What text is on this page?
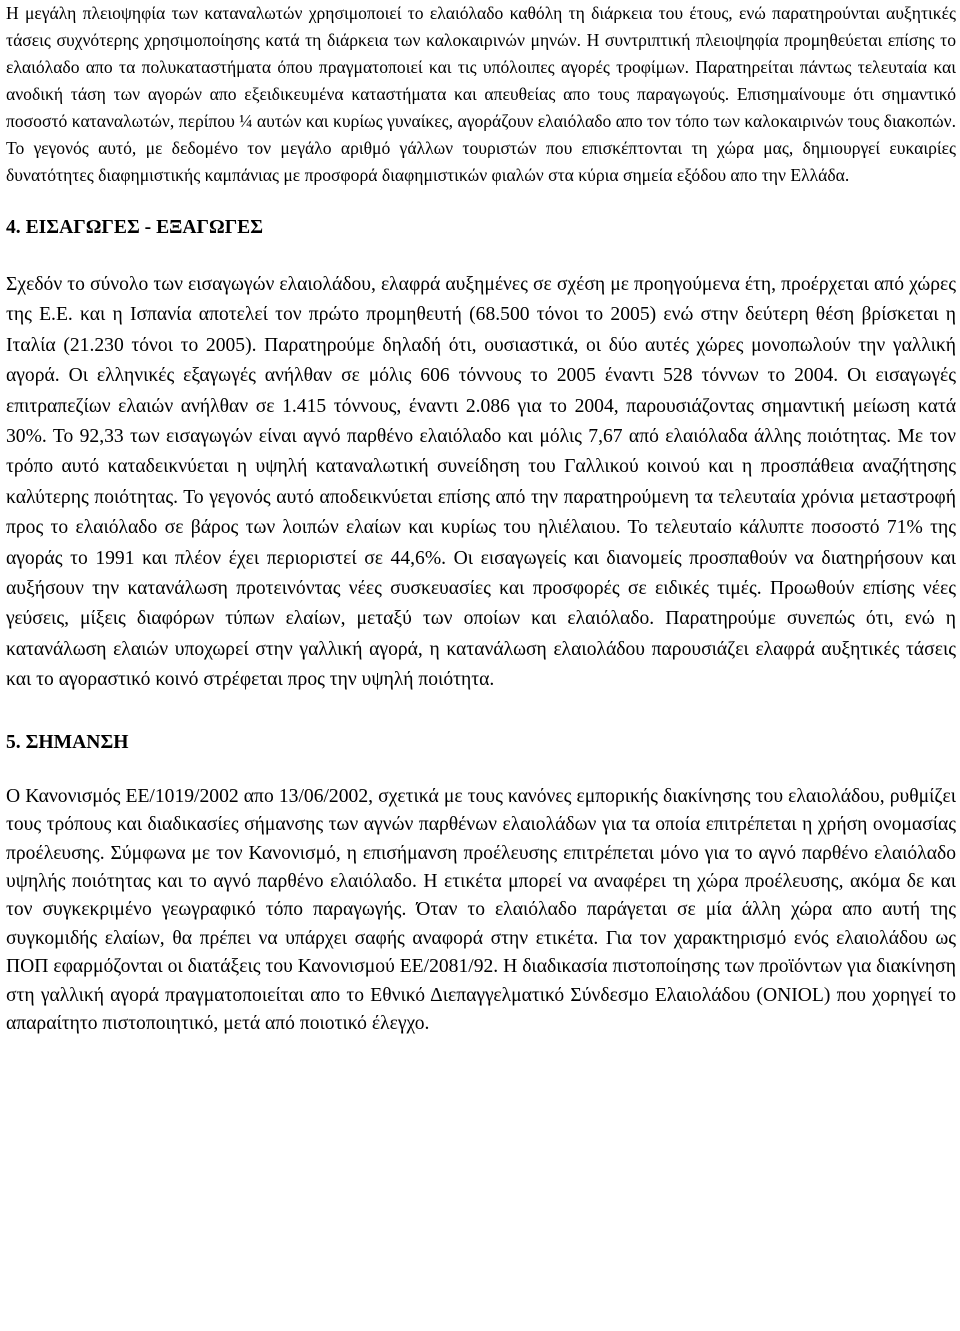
Η μεγάλη πλειοψηφία των καταναλωτών χρησιμοποιεί το ελαιόλαδο καθόλη τη διάρκεια του έτους, ενώ παρατηρούνται αυξητικές τάσεις συχνότερης χρησιμοποίησης κατά τη διάρκεια των καλοκαιρινών μηνών. Η συντριπτική πλειοψηφία προμηθεύεται επίσης το ελαιόλαδο απο τα πολυκαταστήματα όπου πραγματοποιεί και τις υπόλοιπες αγορές τροφίμων. Παρατηρείται πάντως τελευταία και ανοδική τάση των αγορών απο εξειδικευμένα καταστήματα και απευθείας απο τους παραγωγούς. Επισημαίνουμε ότι σημαντικό ποσοστό καταναλωτών, περίπου ¼ αυτών και κυρίως γυναίκες, αγοράζουν ελαιόλαδο απο τον τόπο των καλοκαιρινών τους διακοπών. Το γεγονός αυτό, με δεδομένο τον μεγάλο αριθμό γάλλων τουριστών που επισκέπτονται τη χώρα μας, δημιουργεί ευκαιρίες δυνατότητες διαφημιστικής καμπάνιας με προσφορά διαφημιστικών φιαλών στα κύρια σημεία εξόδου απο την Ελλάδα.

4. ΕΙΣΑΓΩΓΕΣ - ΕΞΑΓΩΓΕΣ

Σχεδόν το σύνολο των εισαγωγών ελαιολάδου, ελαφρά αυξημένες σε σχέση με προηγούμενα έτη, προέρχεται από χώρες της Ε.Ε. και η Ισπανία αποτελεί τον πρώτο προμηθευτή (68.500 τόνοι το 2005) ενώ στην δεύτερη θέση βρίσκεται η Ιταλία (21.230 τόνοι το 2005). Παρατηρούμε δηλαδή ότι, ουσιαστικά, οι δύο αυτές χώρες μονοπωλούν την γαλλική αγορά. Οι ελληνικές εξαγωγές ανήλθαν σε μόλις 606 τόννους το 2005 έναντι 528 τόννων το 2004. Οι εισαγωγές επιτραπεζίων ελαιών ανήλθαν σε 1.415 τόννους, έναντι 2.086 για το 2004, παρουσιάζοντας σημαντική μείωση κατά 30%. Το 92,33 των εισαγωγών είναι αγνό παρθένο ελαιόλαδο και μόλις 7,67 από ελαιόλαδα άλλης ποιότητας. Με τον τρόπο αυτό καταδεικνύεται η υψηλή καταναλωτική συνείδηση του Γαλλικού κοινού και η προσπάθεια αναζήτησης καλύτερης ποιότητας. Το γεγονός αυτό αποδεικνύεται επίσης από την παρατηρούμενη τα τελευταία χρόνια μεταστροφή προς το ελαιόλαδο σε βάρος των λοιπών ελαίων και κυρίως του ηλιέλαιου. Το τελευταίο κάλυπτε ποσοστό 71% της αγοράς το 1991 και πλέον έχει περιοριστεί σε 44,6%. Οι εισαγωγείς και διανομείς προσπαθούν να διατηρήσουν και αυξήσουν την κατανάλωση προτεινόντας νέες συσκευασίες και προσφορές σε ειδικές τιμές. Προωθούν επίσης νέες γεύσεις, μίξεις διαφόρων τύπων ελαίων, μεταξύ των οποίων και ελαιόλαδο. Παρατηρούμε συνεπώς ότι, ενώ η κατανάλωση ελαιών υποχωρεί στην γαλλική αγορά, η κατανάλωση ελαιολάδου παρουσιάζει ελαφρά αυξητικές τάσεις και το αγοραστικό κοινό στρέφεται προς την υψηλή ποιότητα.

5. ΣΗΜΑΝΣΗ

Ο Κανονισμός ΕΕ/1019/2002 απο 13/06/2002, σχετικά με τους κανόνες εμπορικής διακίνησης του ελαιολάδου, ρυθμίζει τους τρόπους και διαδικασίες σήμανσης των αγνών παρθένων ελαιολάδων για τα οποία επιτρέπεται η χρήση ονομασίας προέλευσης. Σύμφωνα με τον Κανονισμό, η επισήμανση προέλευσης επιτρέπεται μόνο για το αγνό παρθένο ελαιόλαδο υψηλής ποιότητας και το αγνό παρθένο ελαιόλαδο. Η ετικέτα μπορεί να αναφέρει τη χώρα προέλευσης, ακόμα δε και τον συγκεκριμένο γεωγραφικό τόπο παραγωγής. Όταν το ελαιόλαδο παράγεται σε μία άλλη χώρα απο αυτή της συγκομιδής ελαίων, θα πρέπει να υπάρχει σαφής αναφορά στην ετικέτα. Για τον χαρακτηρισμό ενός ελαιολάδου ως ΠΟΠ εφαρμόζονται οι διατάξεις του Κανονισμού ΕΕ/2081/92. Η διαδικασία πιστοποίησης των προϊόντων για διακίνηση στη γαλλική αγορά πραγματοποιείται απο το Εθνικό Διεπαγγελματικό Σύνδεσμο Ελαιολάδου (ONIOL) που χορηγεί το απαραίτητο πιστοποιητικό, μετά από ποιοτικό έλεγχο.
